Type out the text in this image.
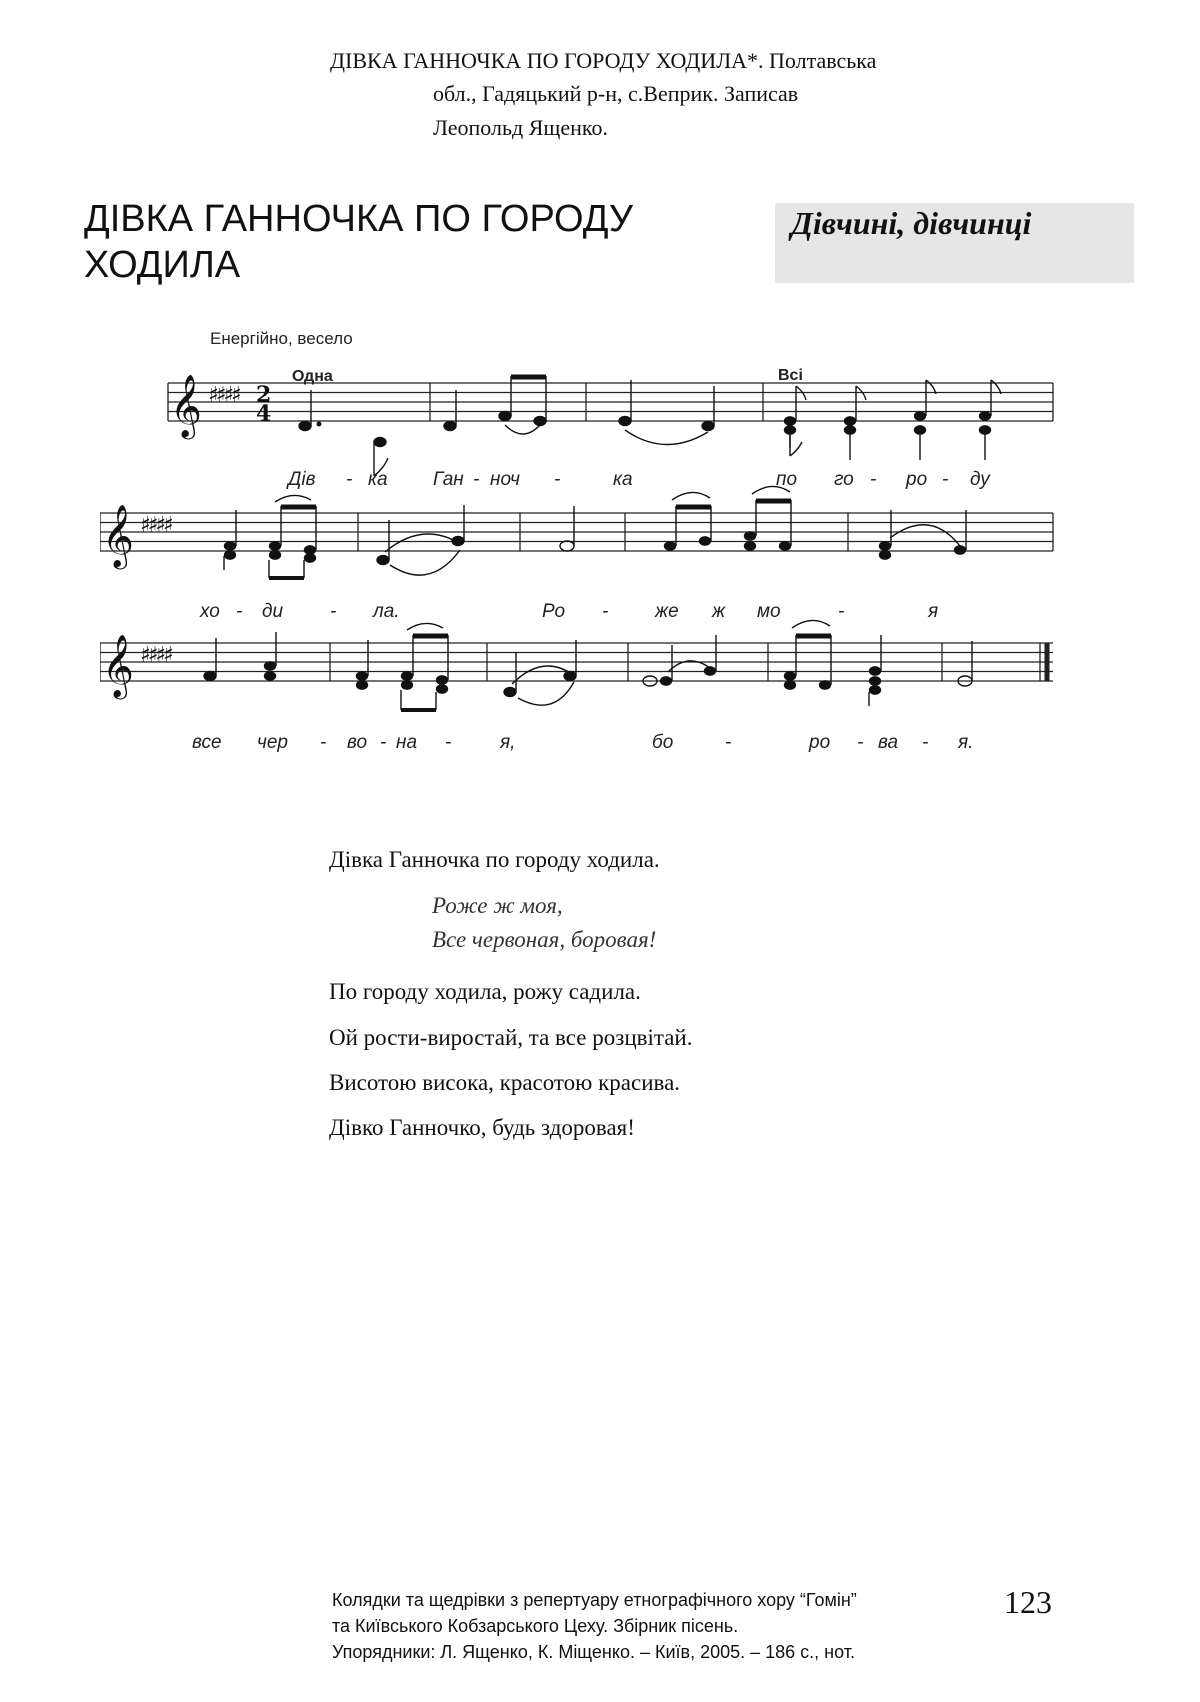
ДІВКА ГАННОЧКА ПО ГОРОДУ ХОДИЛА*. Полтавська
обл., Гадяцький р-н, с.Веприк. Записав
Леопольд Ященко.
ДІВКА ГАННОЧКА ПО ГОРОДУ ХОДИЛА
Дівчині, дівчинці
Енергійно, весело
Одна	Всі
𝄞 ♯♯♯♯ 2
4
Дів - ка Ган - ноч -	ка	по го - ро - ду
𝄞 ♯♯♯♯
хо - ди - ла.	Ро - же ж мо	-	я
𝄞 ♯♯♯♯
все чер - во - на -	я,	бо	-	ро - ва - я.
Дівка Ганночка по городу ходила.
Роже ж моя,
Все червоная, боровая!
По городу ходила, рожу садила.
Ой рости-виростай, та все розцвітай.
Висотою висока, красотою красива.
Дівко Ганночко, будь здоровая!
Колядки та щедрівки з репертуару етнографічного хору “Гомін”
та Київського Кобзарського Цеху. Збірник пісень.
Упорядники: Л. Ященко, К. Міщенко. – Київ, 2005. – 186 с., нот.
123
